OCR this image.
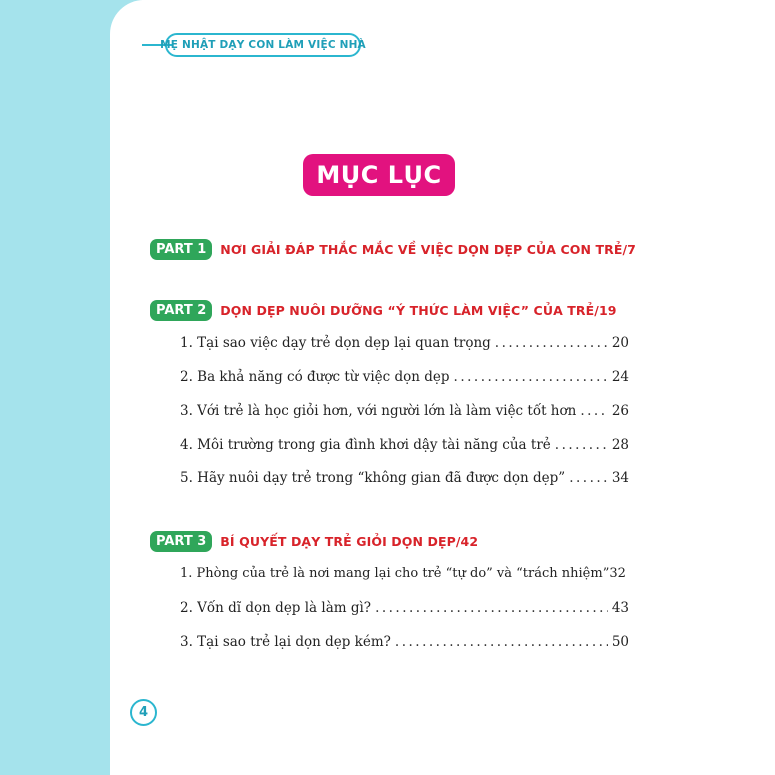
MẸ NHẬT DẠY CON LÀM VIỆC NHÀ
MỤC LỤC
PART 1	NƠI GIẢI ĐÁP THẮC MẮC VỀ VIỆC DỌN DẸP CỦA CON TRẺ/7
PART 2	DỌN DẸP NUÔI DƯỠNG “Ý THỨC LÀM VIỆC” CỦA TRẺ/19
1. Tại sao việc dạy trẻ dọn dẹp lại quan trọng .....	20
2. Ba khả năng có được từ việc dọn dẹp .....	24
3. Với trẻ là học giỏi hơn, với người lớn là làm việc tốt hơn .....	26
4. Môi trường trong gia đình khơi dậy tài năng của trẻ .....	28
5. Hãy nuôi dạy trẻ trong “không gian đã được dọn dẹp” .....	34
PART 3	BÍ QUYẾT DẠY TRẺ GIỎI DỌN DẸP/42
1. Phòng của trẻ là nơi mang lại cho trẻ “tự do” và “trách nhiệm” 32
2. Vốn dĩ dọn dẹp là làm gì? .....	43
3. Tại sao trẻ lại dọn dẹp kém? .....	50
4
